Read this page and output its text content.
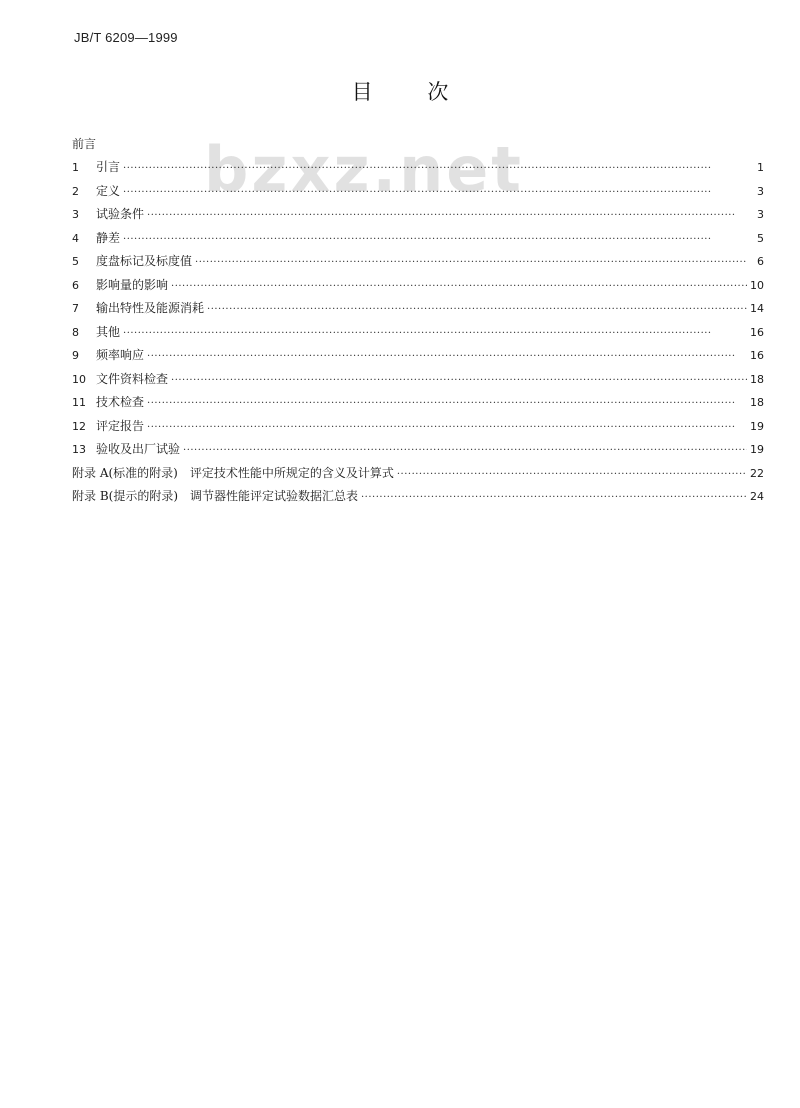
JB/T 6209—1999
目	次
bzxz.net
前言
1	引言 ·····	1
2	定义 ·····	3
3	试验条件 ·····	3
4	静差 ·····	5
5	度盘标记及标度值 ·····	6
6	影响量的影响 ·····	10
7	输出特性及能源消耗 ·····	14
8	其他 ·····	16
9	频率响应 ·····	16
10 文件资料检查 ·····	18
11 技术检查 ·····	18
12 评定报告 ·····	19
13 验收及出厂试验 ·····	19
附录 A(标准的附录)　评定技术性能中所规定的含义及计算式 ·····	22
附录 B(提示的附录)　调节器性能评定试验数据汇总表 ·····	24
